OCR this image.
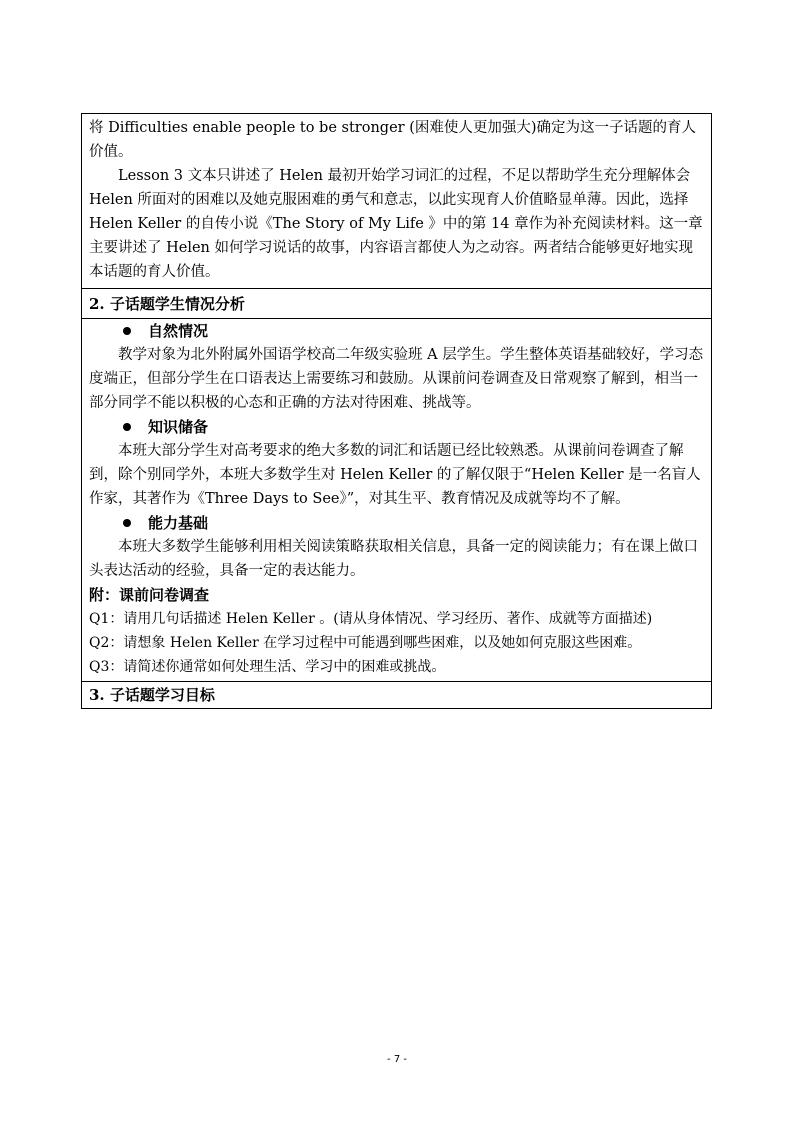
将 Difficulties enable people to be stronger (困难使人更加强大)确定为这一子话题的育人价值。

Lesson 3 文本只讲述了 Helen 最初开始学习词汇的过程，不足以帮助学生充分理解体会 Helen 所面对的困难以及她克服困难的勇气和意志，以此实现育人价值略显单薄。因此，选择 Helen Keller 的自传小说《The Story of My Life 》中的第 14 章作为补充阅读材料。这一章主要讲述了 Helen 如何学习说话的故事，内容语言都使人为之动容。两者结合能够更好地实现本话题的育人价值。

2. 子话题学生情况分析
自然情况

教学对象为北外附属外国语学校高二年级实验班 A 层学生。学生整体英语基础较好，学习态度端正，但部分学生在口语表达上需要练习和鼓励。从课前问卷调查及日常观察了解到，相当一部分同学不能以积极的心态和正确的方法对待困难、挑战等。

知识储备

本班大部分学生对高考要求的绝大多数的词汇和话题已经比较熟悉。从课前问卷调查了解到，除个别同学外，本班大多数学生对 Helen Keller 的了解仅限于“Helen Keller 是一名盲人作家，其著作为《Three Days to See》”，对其生平、教育情况及成就等均不了解。

能力基础

本班大多数学生能够利用相关阅读策略获取相关信息，具备一定的阅读能力；有在课上做口头表达活动的经验，具备一定的表达能力。

附：课前问卷调查

Q1：请用几句话描述 Helen Keller 。(请从身体情况、学习经历、著作、成就等方面描述)

Q2：请想象 Helen Keller 在学习过程中可能遇到哪些困难，以及她如何克服这些困难。

Q3：请简述你通常如何处理生活、学习中的困难或挑战。

3. 子话题学习目标
- 7 -
